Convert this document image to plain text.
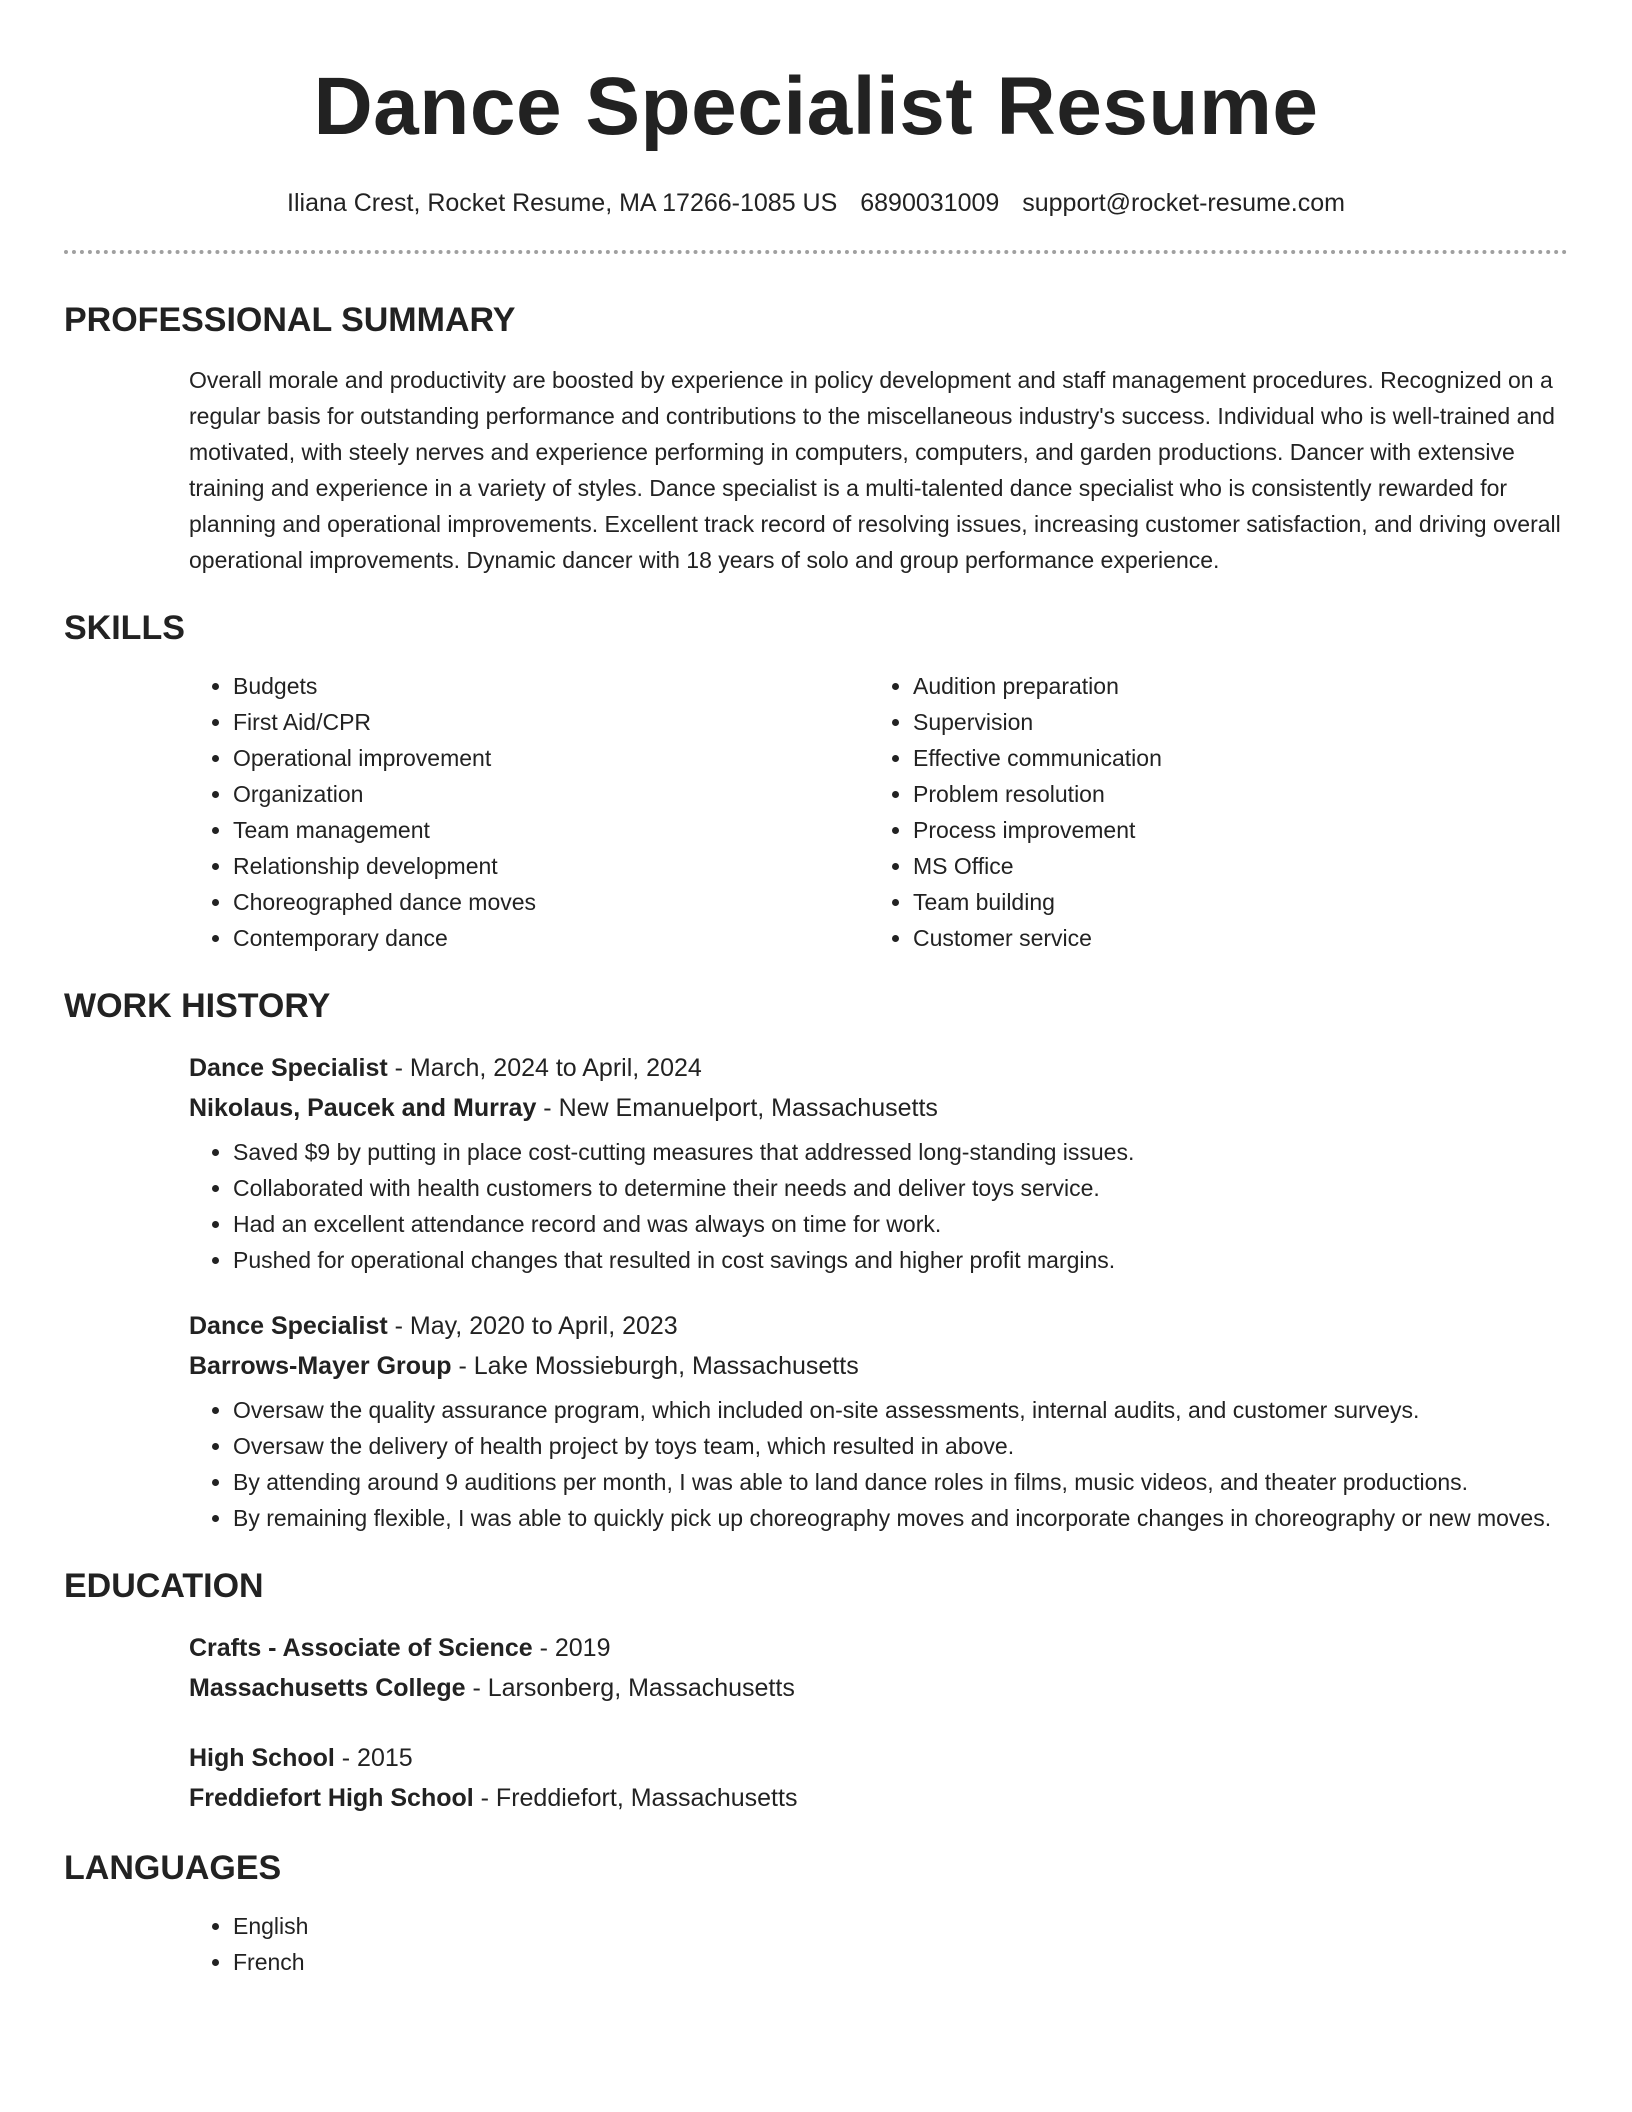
Dance Specialist Resume
Iliana Crest, Rocket Resume, MA 17266-1085 US 6890031009 support@rocket-resume.com
PROFESSIONAL SUMMARY

Overall morale and productivity are boosted by experience in policy development and staff management procedures. Recognized on a regular basis for outstanding performance and contributions to the miscellaneous industry's success. Individual who is well-trained and motivated, with steely nerves and experience performing in computers, computers, and garden productions. Dancer with extensive training and experience in a variety of styles. Dance specialist is a multi-talented dance specialist who is consistently rewarded for planning and operational improvements. Excellent track record of resolving issues, increasing customer satisfaction, and driving overall operational improvements. Dynamic dancer with 18 years of solo and group performance experience.

SKILLS
• Budgets
• First Aid/CPR
• Operational improvement
• Organization
• Team management
• Relationship development
• Choreographed dance moves
• Contemporary dance
• Audition preparation
• Supervision
• Effective communication
• Problem resolution
• Process improvement
• MS Office
• Team building
• Customer service
WORK HISTORY
Dance Specialist - March, 2024 to April, 2024
Nikolaus, Paucek and Murray - New Emanuelport, Massachusetts
• Saved $9 by putting in place cost-cutting measures that addressed long-standing issues.
• Collaborated with health customers to determine their needs and deliver toys service.
• Had an excellent attendance record and was always on time for work.
• Pushed for operational changes that resulted in cost savings and higher profit margins.
Dance Specialist - May, 2020 to April, 2023
Barrows-Mayer Group - Lake Mossieburgh, Massachusetts
• Oversaw the quality assurance program, which included on-site assessments, internal audits, and customer surveys.
• Oversaw the delivery of health project by toys team, which resulted in above.
• By attending around 9 auditions per month, I was able to land dance roles in films, music videos, and theater productions.
• By remaining flexible, I was able to quickly pick up choreography moves and incorporate changes in choreography or new moves.
EDUCATION
Crafts - Associate of Science - 2019
Massachusetts College - Larsonberg, Massachusetts
High School - 2015
Freddiefort High School - Freddiefort, Massachusetts
LANGUAGES
• English
• French
